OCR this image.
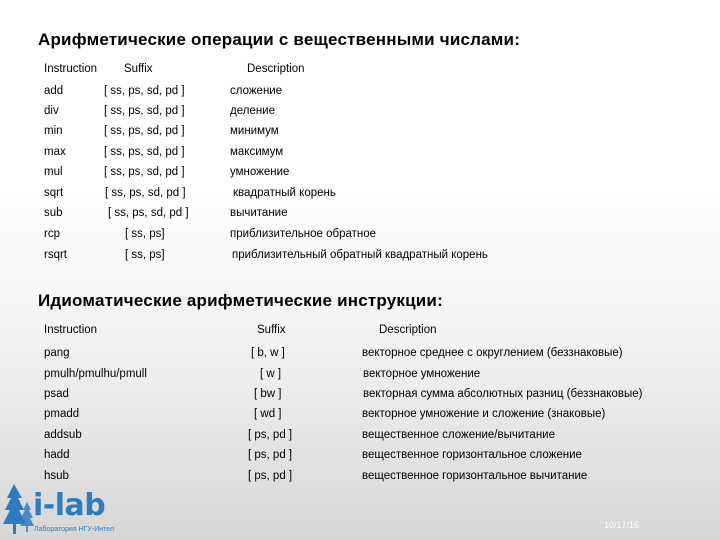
Арифметические операции с вещественными числами:
Instruction Suffix	Description
add	[ ss, ps, sd, pd ]	сложение
div	[ ss, ps, sd, pd ]	деление
min	[ ss, ps, sd, pd ]	минимум
max	[ ss, ps, sd, pd ]	максимум
mul	[ ss, ps, sd, pd ]	умножение
sqrt	[ ss, ps, sd, pd ]	квадратный корень
sub	[ ss, ps, sd, pd ]	вычитание
rcp	[ ss, ps]	приблизительное обратное
rsqrt	[ ss, ps]	приблизительный обратный квадратный корень
Идиоматические арифметические инструкции:
Instruction	Suffix	Description
pang	[ b, w ]	векторное среднее с округлением (беззнаковые)
pmulh/pmulhu/pmull	[ w ]	векторное умножение
psad	[ bw ]	векторная сумма абсолютных разниц (беззнаковые)
pmadd	[ wd ]	векторное умножение и сложение (знаковые)
addsub	[ ps, pd ]	вещественное сложение/вычитание
hadd	[ ps, pd ]	вещественное горизонтальное сложение
hsub	[ ps, pd ]	вещественное горизонтальное вычитание
i-lab
Лаборатория НГУ-Интел	10/17/16
